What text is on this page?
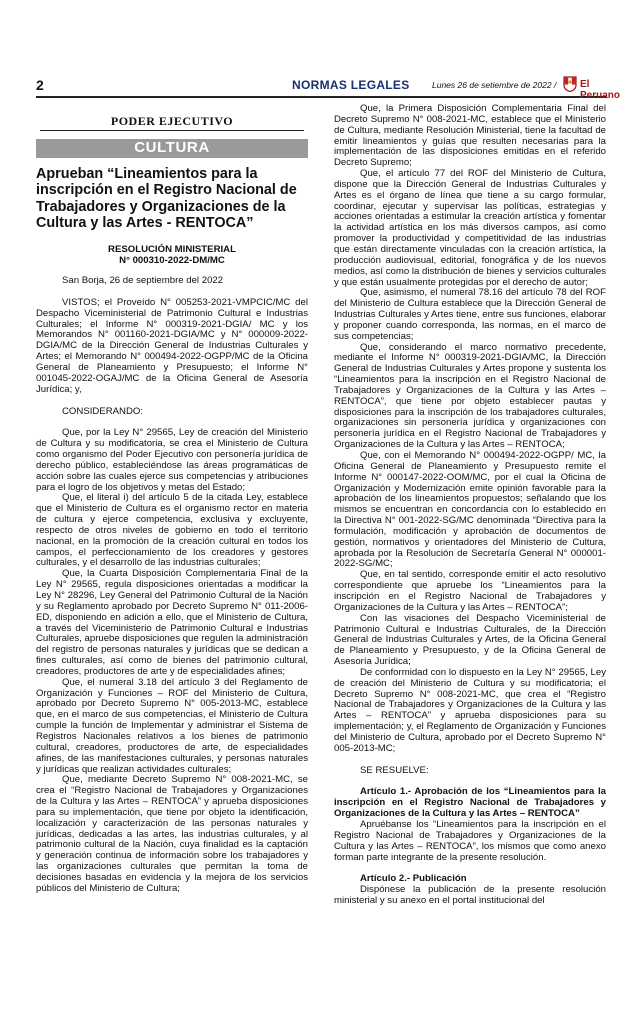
2	NORMAS LEGALES	Lunes 26 de setiembre de 2022 / El Peruano
PODER EJECUTIVO
CULTURA
Aprueban “Lineamientos para la inscripción en el Registro Nacional de Trabajadores y Organizaciones de la Cultura y las Artes - RENTOCA”
RESOLUCIÓN MINISTERIAL
N° 000310-2022-DM/MC

San Borja, 26 de septiembre del 2022

VISTOS; el Proveído N° 005253-2021-VMPCIC/MC del Despacho Viceministerial de Patrimonio Cultural e Industrias Culturales; el Informe N° 000319-2021-DGIA/ MC y los Memorandos N° 001160-2021-DGIA/MC y N° 000009-2022-DGIA/MC de la Dirección General de Industrias Culturales y Artes; el Memorando N° 000494-2022-OGPP/MC de la Oficina General de Planeamiento y Presupuesto; el Informe N° 001045-2022-OGAJ/MC de la Oficina General de Asesoría Jurídica; y,

CONSIDERANDO:

Que, por la Ley N° 29565, Ley de creación del Ministerio de Cultura y su modificatoria, se crea el Ministerio de Cultura como organismo del Poder Ejecutivo con personería jurídica de derecho público, estableciéndose las áreas programáticas de acción sobre las cuales ejerce sus competencias y atribuciones para el logro de los objetivos y metas del Estado;

Que, el literal i) del artículo 5 de la citada Ley, establece que el Ministerio de Cultura es el organismo rector en materia de cultura y ejerce competencia, exclusiva y excluyente, respecto de otros niveles de gobierno en todo el territorio nacional, en la promoción de la creación cultural en todos los campos, el perfeccionamiento de los creadores y gestores culturales, y el desarrollo de las industrias culturales;

Que, la Cuarta Disposición Complementaria Final de la Ley N° 29565, regula disposiciones orientadas a modificar la Ley N° 28296, Ley General del Patrimonio Cultural de la Nación y su Reglamento aprobado por Decreto Supremo N° 011-2006-ED, disponiendo en adición a ello, que el Ministerio de Cultura, a través del Viceministerio de Patrimonio Cultural e Industrias Culturales, apruebe disposiciones que regulen la administración del registro de personas naturales y jurídicas que se dedican a fines culturales, así como de bienes del patrimonio cultural, creadores, productores de arte y de especialidades afines;

Que, el numeral 3.18 del artículo 3 del Reglamento de Organización y Funciones – ROF del Ministerio de Cultura, aprobado por Decreto Supremo N° 005-2013-MC, establece que, en el marco de sus competencias, el Ministerio de Cultura cumple la función de Implementar y administrar el Sistema de Registros Nacionales relativos a los bienes de patrimonio cultural, creadores, productores de arte, de especialidades afines, de las manifestaciones culturales, y personas naturales y jurídicas que realizan actividades culturales;

Que, mediante Decreto Supremo N° 008-2021-MC, se crea el “Registro Nacional de Trabajadores y Organizaciones de la Cultura y las Artes – RENTOCA” y aprueba disposiciones para su implementación, que tiene por objeto la identificación, localización y caracterización de las personas naturales y jurídicas, dedicadas a las artes, las industrias culturales, y al patrimonio cultural de la Nación, cuya finalidad es la captación y generación continua de información sobre los trabajadores y las organizaciones culturales que permitan la toma de decisiones basadas en evidencia y la mejora de los servicios públicos del Ministerio de Cultura;

Que, la Primera Disposición Complementaria Final del Decreto Supremo N° 008-2021-MC, establece que el Ministerio de Cultura, mediante Resolución Ministerial, tiene la facultad de emitir lineamientos y guías que resulten necesarias para la implementación de las disposiciones emitidas en el referido Decreto Supremo;

Que, el artículo 77 del ROF del Ministerio de Cultura, dispone que la Dirección General de Industrias Culturales y Artes es el órgano de línea que tiene a su cargo formular, coordinar, ejecutar y supervisar las políticas, estrategias y acciones orientadas a estimular la creación artística y fomentar la actividad artística en los más diversos campos, así como promover la productividad y competitividad de las industrias que están directamente vinculadas con la creación artística, la producción audiovisual, editorial, fonográfica y de los nuevos medios, así como la distribución de bienes y servicios culturales y que están usualmente protegidas por el derecho de autor;

Que, asimismo, el numeral 78.16 del artículo 78 del ROF del Ministerio de Cultura establece que la Dirección General de Industrias Culturales y Artes tiene, entre sus funciones, elaborar y proponer cuando corresponda, las normas, en el marco de sus competencias;

Que, considerando el marco normativo precedente, mediante el Informe N° 000319-2021-DGIA/MC, la Dirección General de Industrias Culturales y Artes propone y sustenta los “Lineamientos para la inscripción en el Registro Nacional de Trabajadores y Organizaciones de la Cultura y las Artes – RENTOCA”, que tiene por objeto establecer pautas y disposiciones para la inscripción de los trabajadores culturales, organizaciones sin personería jurídica y organizaciones con personería jurídica en el Registro Nacional de Trabajadores y Organizaciones de la Cultura y las Artes – RENTOCA;

Que, con el Memorando N° 000494-2022-OGPP/ MC, la Oficina General de Planeamiento y Presupuesto remite el Informe N° 000147-2022-OOM/MC, por el cual la Oficina de Organización y Modernización emite opinión favorable para la aprobación de los lineamientos propuestos; señalando que los mismos se encuentran en concordancia con lo establecido en la Directiva N° 001-2022-SG/MC denominada “Directiva para la formulación, modificación y aprobación de documentos de gestión, normativos y orientadores del Ministerio de Cultura, aprobada por la Resolución de Secretaría General N° 000001-2022-SG/MC;

Que, en tal sentido, corresponde emitir el acto resolutivo correspondiente que apruebe los “Lineamientos para la inscripción en el Registro Nacional de Trabajadores y Organizaciones de la Cultura y las Artes – RENTOCA”;

Con las visaciones del Despacho Viceministerial de Patrimonio Cultural e Industrias Culturales, de la Dirección General de Industrias Culturales y Artes, de la Oficina General de Planeamiento y Presupuesto, y de la Oficina General de Asesoría Jurídica;

De conformidad con lo dispuesto en la Ley N° 29565, Ley de creación del Ministerio de Cultura y su modificatoria; el Decreto Supremo N° 008-2021-MC, que crea el “Registro Nacional de Trabajadores y Organizaciones de la Cultura y las Artes – RENTOCA” y aprueba disposiciones para su implementación; y, el Reglamento de Organización y Funciones del Ministerio de Cultura, aprobado por el Decreto Supremo N° 005-2013-MC;

SE RESUELVE:

Artículo 1.- Aprobación de los “Lineamientos para la inscripción en el Registro Nacional de Trabajadores y Organizaciones de la Cultura y las Artes – RENTOCA”

Apruébanse los “Lineamientos para la inscripción en el Registro Nacional de Trabajadores y Organizaciones de la Cultura y las Artes – RENTOCA”, los mismos que como anexo forman parte integrante de la presente resolución.

Artículo 2.- Publicación

Dispónese la publicación de la presente resolución ministerial y su anexo en el portal institucional del
